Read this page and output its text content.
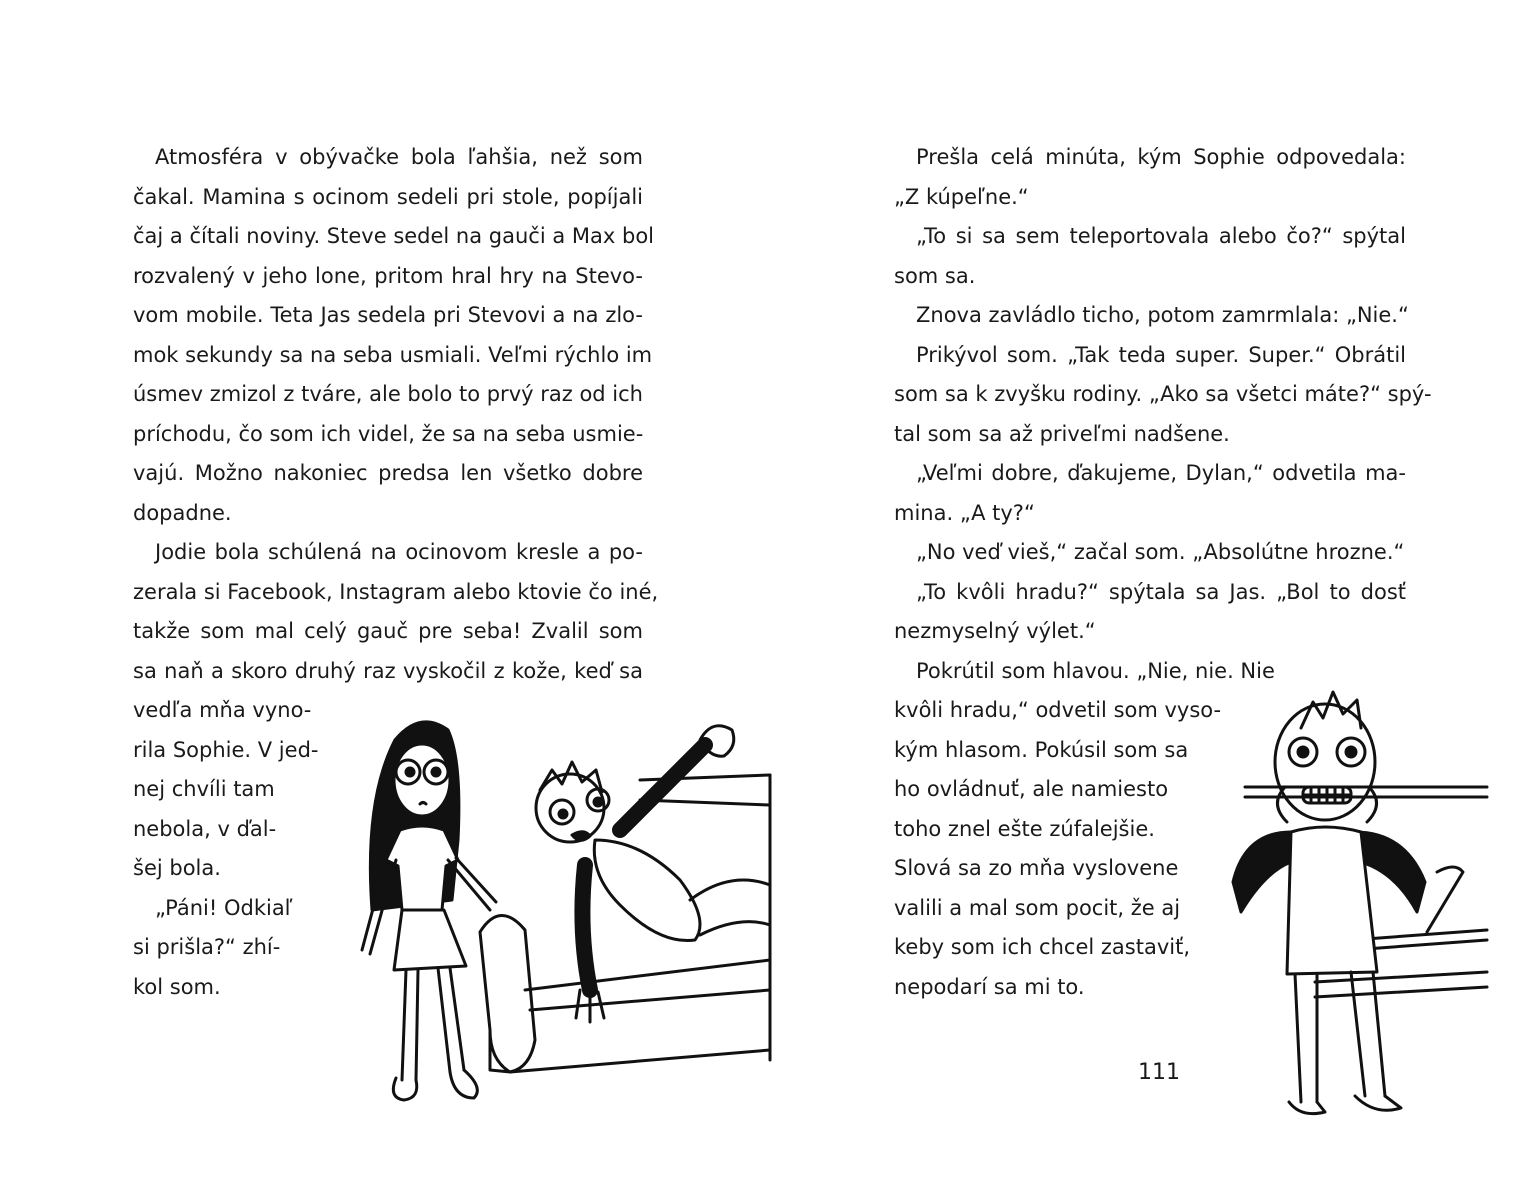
Atmosféra v obývačke bola ľahšia, než som
čakal. Mamina s ocinom sedeli pri stole, popíjali
čaj a čítali noviny. Steve sedel na gauči a Max bol
rozvalený v jeho lone, pritom hral hry na Stevo-
vom mobile. Teta Jas sedela pri Stevovi a na zlo-
mok sekundy sa na seba usmiali. Veľmi rýchlo im
úsmev zmizol z tváre, ale bolo to prvý raz od ich
príchodu, čo som ich videl, že sa na seba usmie-
vajú. Možno nakoniec predsa len všetko dobre
dopadne.
Jodie bola schúlená na ocinovom kresle a po-
zerala si Facebook, Instagram alebo ktovie čo iné,
takže som mal celý gauč pre seba! Zvalil som
sa naň a skoro druhý raz vyskočil z kože, keď sa
vedľa mňa vyno-
rila Sophie. V jed-
nej chvíli tam
nebola, v ďal-
šej bola.
„Páni! Odkiaľ
si prišla?“ zhí-
kol som.
Prešla celá minúta, kým Sophie odpovedala:
„Z kúpeľne.“
„To si sa sem teleportovala alebo čo?“ spýtal
som sa.
Znova zavládlo ticho, potom zamrmlala: „Nie.“
Prikývol som. „Tak teda super. Super.“ Obrátil
som sa k zvyšku rodiny. „Ako sa všetci máte?“ spý-
tal som sa až priveľmi nadšene.
„Veľmi dobre, ďakujeme, Dylan,“ odvetila ma-
mina. „A ty?“
„No veď vieš,“ začal som. „Absolútne hrozne.“
„To kvôli hradu?“ spýtala sa Jas. „Bol to dosť
nezmyselný výlet.“
Pokrútil som hlavou. „Nie, nie. Nie
kvôli hradu,“ odvetil som vyso-
kým hlasom. Pokúsil som sa
ho ovládnuť, ale namiesto
toho znel ešte zúfalejšie.
Slová sa zo mňa vyslovene
valili a mal som pocit, že aj
keby som ich chcel zastaviť,
nepodarí sa mi to.
111
